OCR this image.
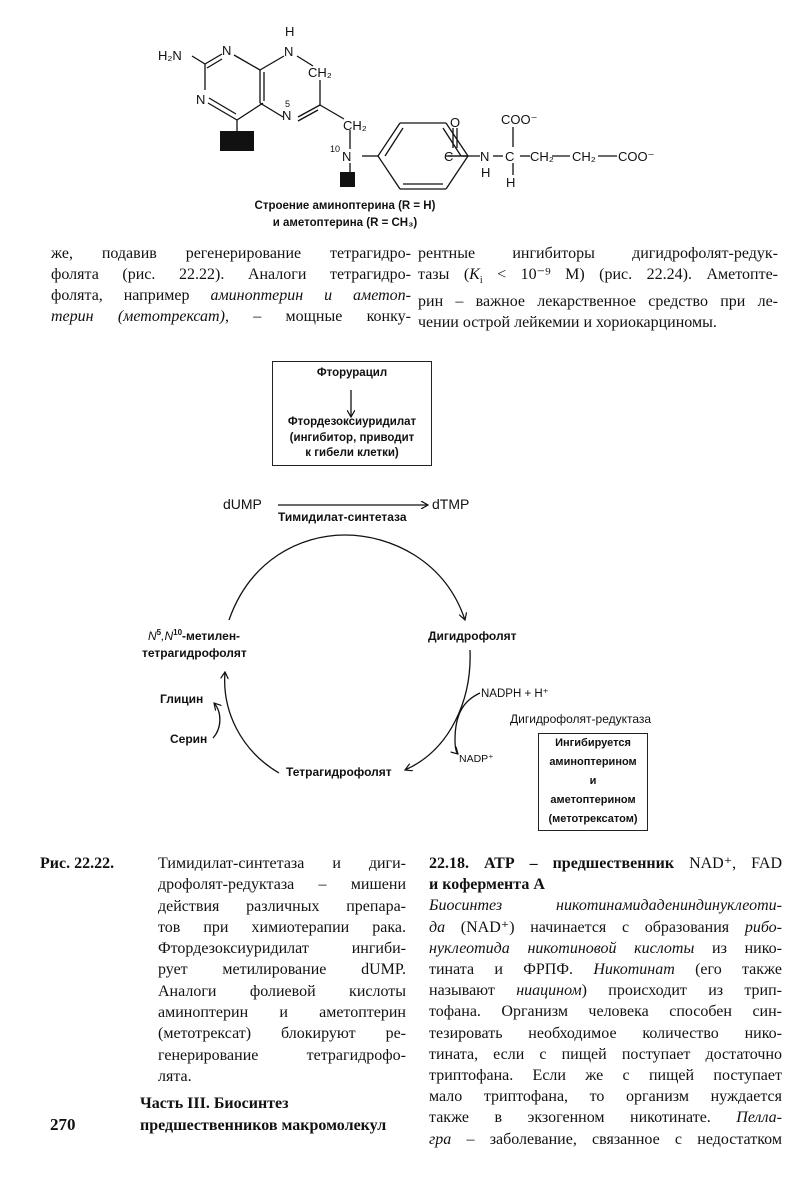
H₂N	N
N
H
N
CH₂
5
N
CH₂
10 N
O
C N
H
COO⁻
C
H
CH₂ CH₂ COO⁻
Строение аминоптерина (R = H)
и аметоптерина (R = CH₃)
же, подавив регенерирование тетрагидро-
фолята (рис. 22.22). Аналоги тетрагидро-
фолята, например аминоптерин и аметоп-
терин (метотрексат), – мощные конку-
рентные ингибиторы дигидрофолят-редук-
тазы ($K_i < 10^{-9}$ М) (рис. 22.24). Аметопте-
рин – важное лекарственное средство при ле-
чении острой лейкемии и хориокарциномы.
Фторурацил
Фтордезоксиуридилат
(ингибитор, приводит
к гибели клетки)
dUMP	dTMP
Тимидилат-синтетаза
$N^5,N^{10}-метилен-$
тетрагидрофолят
Дигидрофолят
Глицин
Серин
NADPH + H⁺
NADP⁺
Тетрагидрофолят
Дигидрофолят-редуктаза
Ингибируется
аминоптерином
и
аметоптерином
(метотрексатом)
Рис. 22.22.	Тимидилат-синтетаза и диги-
дрофолят-редуктаза – мишени
действия различных препара-
тов при химиотерапии рака.
Фтордезоксиуридилат ингиби-
рует метилирование dUMP.
Аналоги фолиевой кислоты
аминоптерин и аметоптерин
(метотрексат) блокируют ре-
генерирование тетрагидрофо-
лята.
270
Часть III. Биосинтез
предшественников макромолекул
22.18. АТР – предшественник NAD⁺, FAD
и кофермента А
Биосинтез никотинамидадениндинуклеоти-
да (NAD⁺) начинается с образования рибо-
нуклеотида никотиновой кислоты из нико-
тината и ФРПФ. Никотинат (его также
называют ниацином) происходит из трип-
тофана. Организм человека способен син-
тезировать необходимое количество нико-
тината, если с пищей поступает достаточно
триптофана. Если же с пищей поступает
мало триптофана, то организм нуждается
также в экзогенном никотинате. Пелла-
гра – заболевание, связанное с недостатком
